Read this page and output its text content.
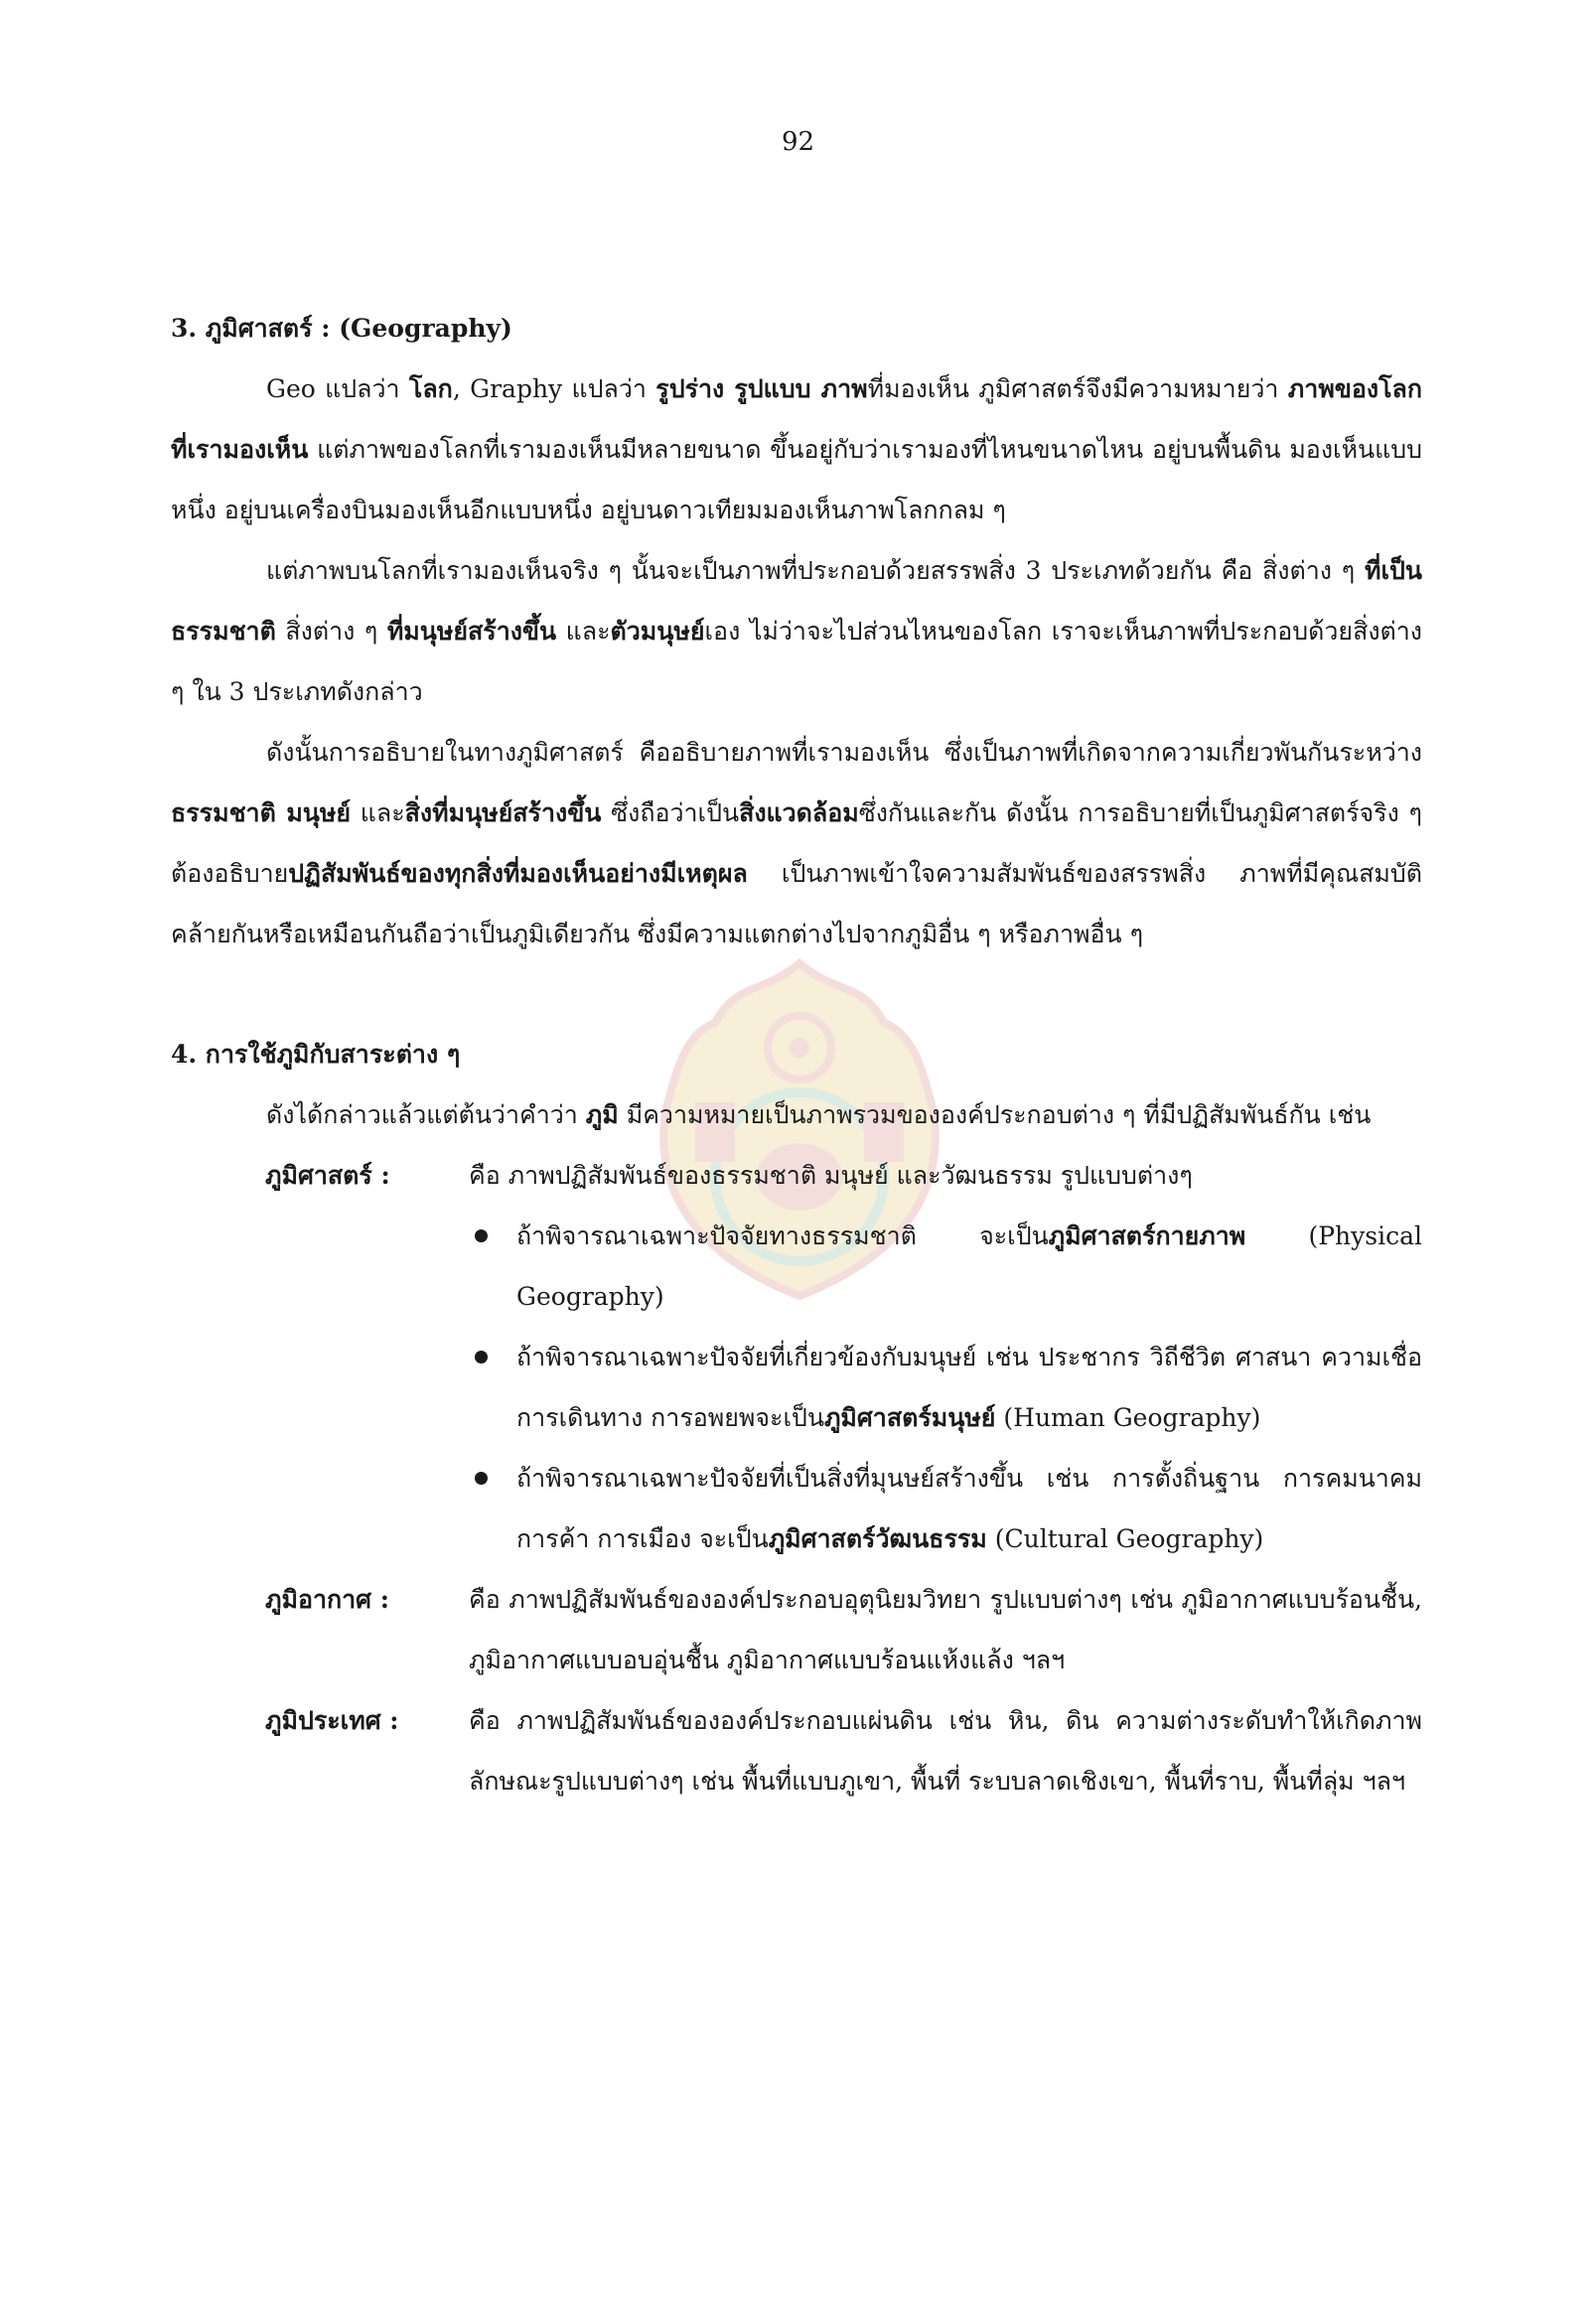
92

3. ภูมิศาสตร์ : (Geography)

Geo แปลว่า โลก, Graphy แปลว่า รูปร่าง รูปแบบ ภาพที่มองเห็น ภูมิศาสตร์จึงมีความหมายว่า ภาพของโลกที่เรามองเห็น แต่ภาพของโลกที่เรามองเห็นมีหลายขนาด ขึ้นอยู่กับว่าเรามองที่ไหนขนาดไหน อยู่บนพื้นดิน มองเห็นแบบหนึ่ง อยู่บนเครื่องบินมองเห็นอีกแบบหนึ่ง อยู่บนดาวเทียมมองเห็นภาพโลกกลม ๆ

แต่ภาพบนโลกที่เรามองเห็นจริง ๆ นั้นจะเป็นภาพที่ประกอบด้วยสรรพสิ่ง 3 ประเภทด้วยกัน คือ สิ่งต่าง ๆ ที่เป็นธรรมชาติ สิ่งต่าง ๆ ที่มนุษย์สร้างขึ้น และตัวมนุษย์เอง ไม่ว่าจะไปส่วนไหนของโลก เราจะเห็นภาพที่ประกอบด้วยสิ่งต่าง ๆ ใน 3 ประเภทดังกล่าว

ดังนั้นการอธิบายในทางภูมิศาสตร์ คืออธิบายภาพที่เรามองเห็น ซึ่งเป็นภาพที่เกิดจากความเกี่ยวพันกันระหว่างธรรมชาติ มนุษย์ และสิ่งที่มนุษย์สร้างขึ้น ซึ่งถือว่าเป็นสิ่งแวดล้อมซึ่งกันและกัน ดังนั้น การอธิบายที่เป็นภูมิศาสตร์จริง ๆ ต้องอธิบายปฏิสัมพันธ์ของทุกสิ่งที่มองเห็นอย่างมีเหตุผล เป็นภาพเข้าใจความสัมพันธ์ของสรรพสิ่ง ภาพที่มีคุณสมบัติคล้ายกันหรือเหมือนกันถือว่าเป็นภูมิเดียวกัน ซึ่งมีความแตกต่างไปจากภูมิอื่น ๆ หรือภาพอื่น ๆ

4. การใช้ภูมิกับสาระต่าง ๆ

ดังได้กล่าวแล้วแต่ต้นว่าคำว่า ภูมิ มีความหมายเป็นภาพรวมขององค์ประกอบต่าง ๆ ที่มีปฏิสัมพันธ์กัน เช่น

ภูมิศาสตร์ :	คือ ภาพปฏิสัมพันธ์ของธรรมชาติ มนุษย์ และวัฒนธรรม รูปแบบต่างๆ
ถ้าพิจารณาเฉพาะปัจจัยทางธรรมชาติ จะเป็นภูมิศาสตร์กายภาพ (Physical Geography)
ถ้าพิจารณาเฉพาะปัจจัยที่เกี่ยวข้องกับมนุษย์ เช่น ประชากร วิถีชีวิต ศาสนา ความเชื่อ การเดินทาง การอพยพจะเป็นภูมิศาสตร์มนุษย์ (Human Geography)
ถ้าพิจารณาเฉพาะปัจจัยที่เป็นสิ่งที่มุนษย์สร้างขึ้น เช่น การตั้งถิ่นฐาน การคมนาคม การค้า การเมือง จะเป็นภูมิศาสตร์วัฒนธรรม (Cultural Geography)
ภูมิอากาศ :	คือ ภาพปฏิสัมพันธ์ขององค์ประกอบอุตุนิยมวิทยา รูปแบบต่างๆ เช่น ภูมิอากาศแบบร้อนชื้น, ภูมิอากาศแบบอบอุ่นชื้น ภูมิอากาศแบบร้อนแห้งแล้ง ฯลฯ
ภูมิประเทศ :	คือ ภาพปฏิสัมพันธ์ขององค์ประกอบแผ่นดิน เช่น หิน, ดิน ความต่างระดับทำให้เกิดภาพลักษณะรูปแบบต่างๆ เช่น พื้นที่แบบภูเขา, พื้นที่ ระบบลาดเชิงเขา, พื้นที่ราบ, พื้นที่ลุ่ม ฯลฯ
